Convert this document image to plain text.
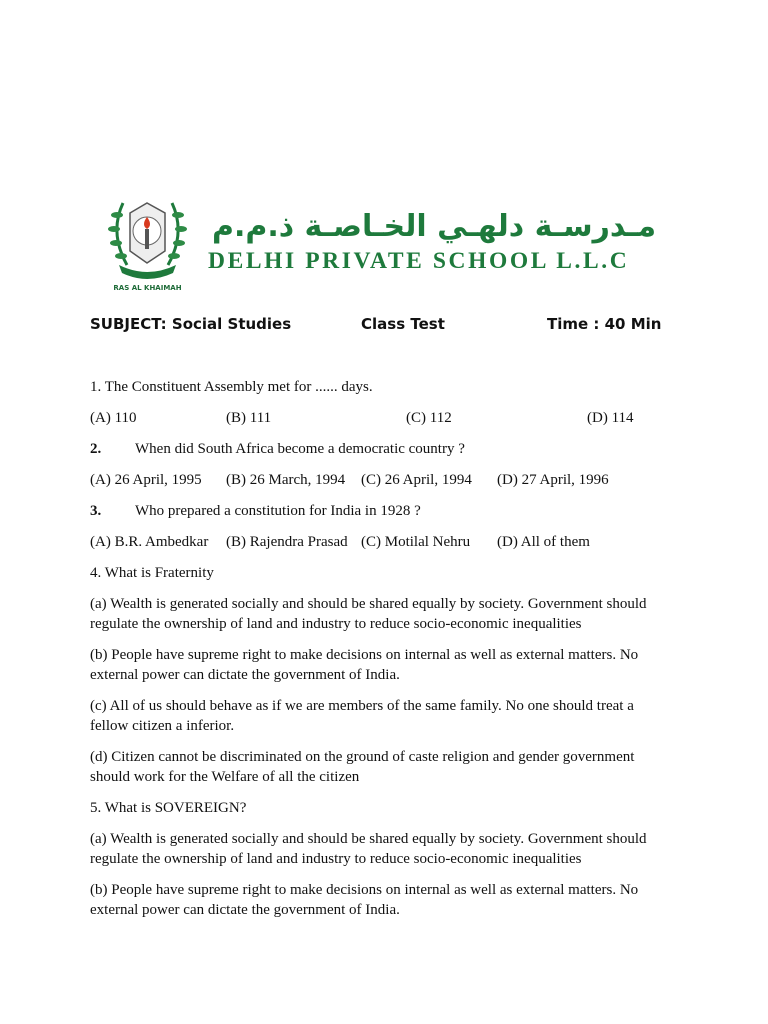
RAS AL KHAIMAH
مـدرسـة دلهـي الخـاصـة ذ.م.م
DELHI PRIVATE SCHOOL L.L.C
SUBJECT: Social Studies	Class Test	Time : 40 Min

1. The Constituent Assembly met for ...... days.

(A) 110	(B) 111	(C) 112	(D) 114

2. When did South Africa become a democratic country ?

(A) 26 April, 1995 (B) 26 March, 1994 (C) 26 April, 1994 (D) 27 April, 1996

3. Who prepared a constitution for India in 1928 ?

(A) B.R. Ambedkar (B) Rajendra Prasad (C) Motilal Nehru (D) All of them

4. What is Fraternity

(a) Wealth is generated socially and should be shared equally by society. Government should regulate the ownership of land and industry to reduce socio-economic inequalities

(b) People have supreme right to make decisions on internal as well as external matters. No external power can dictate the government of India.

(c) All of us should behave as if we are members of the same family. No one should treat a fellow citizen a inferior.

(d) Citizen cannot be discriminated on the ground of caste religion and gender government should work for the Welfare of all the citizen

5. What is SOVEREIGN?

(a) Wealth is generated socially and should be shared equally by society. Government should regulate the ownership of land and industry to reduce socio-economic inequalities

(b) People have supreme right to make decisions on internal as well as external matters. No external power can dictate the government of India.
